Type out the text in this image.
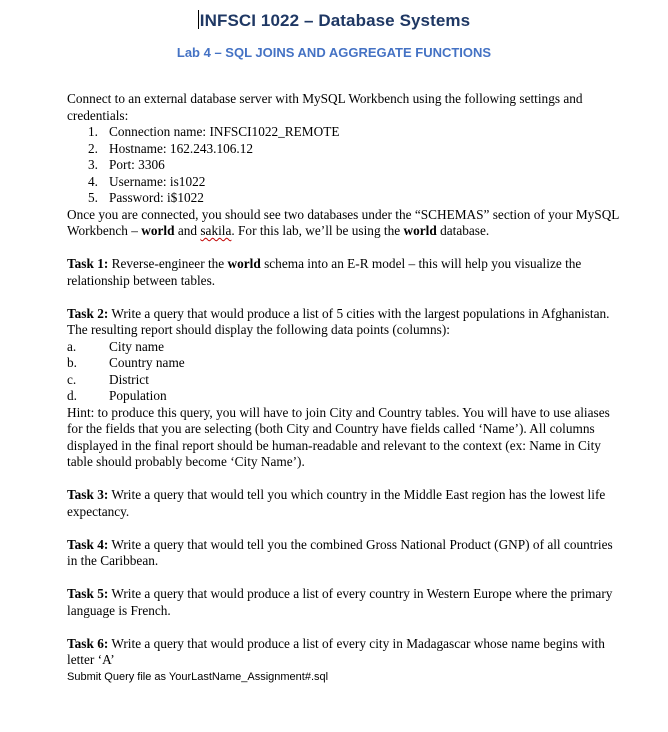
INFSCI 1022 – Database Systems
Lab 4 – SQL JOINS AND AGGREGATE FUNCTIONS

Connect to an external database server with MySQL Workbench using the following settings and credentials:

1. Connection name: INFSCI1022_REMOTE
2. Hostname: 162.243.106.12
3. Port: 3306
4. Username: is1022
5. Password: i$1022

Once you are connected, you should see two databases under the “SCHEMAS” section of your MySQL Workbench – world and sakila. For this lab, we’ll be using the world database.

Task 1: Reverse-engineer the world schema into an E-R model – this will help you visualize the relationship between tables.

Task 2: Write a query that would produce a list of 5 cities with the largest populations in Afghanistan. The resulting report should display the following data points (columns):

a.	City name
b.	Country name
c.	District
d.	Population

Hint: to produce this query, you will have to join City and Country tables. You will have to use aliases for the fields that you are selecting (both City and Country have fields called ‘Name’). All columns displayed in the final report should be human-readable and relevant to the context (ex: Name in City table should probably become ‘City Name’).

Task 3: Write a query that would tell you which country in the Middle East region has the lowest life expectancy.

Task 4: Write a query that would tell you the combined Gross National Product (GNP) of all countries in the Caribbean.

Task 5: Write a query that would produce a list of every country in Western Europe where the primary language is French.

Task 6: Write a query that would produce a list of every city in Madagascar whose name begins with letter ‘A’

Submit Query file as YourLastName_Assignment#.sql
